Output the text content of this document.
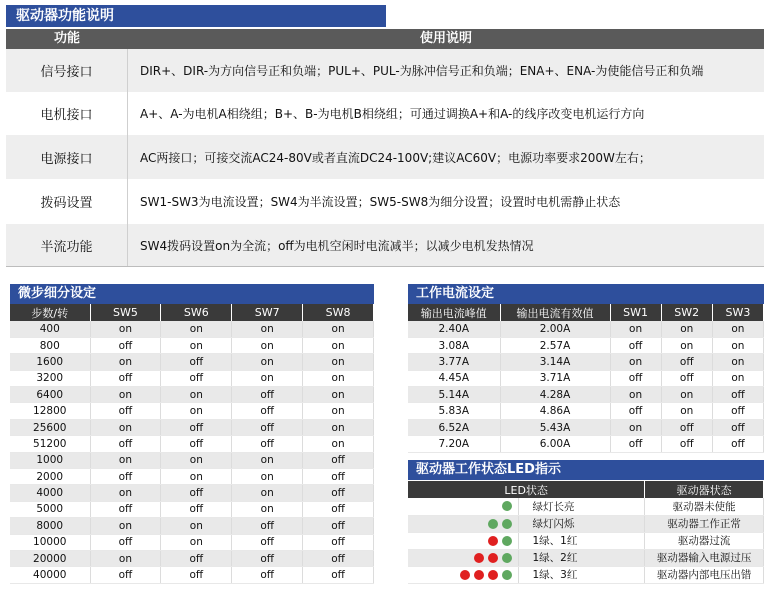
驱动器功能说明
功能	使用说明
信号接口	DIR+、DIR-为方向信号正和负端；PUL+、PUL-为脉冲信号正和负端；ENA+、ENA-为使能信号正和负端
电机接口	A+、A-为电机A相绕组；B+、B-为电机B相绕组；可通过调换A+和A-的线序改变电机运行方向
电源接口	AC两接口；可接交流AC24-80V或者直流DC24-100V;建议AC60V；电源功率要求200W左右；
拨码设置	SW1-SW3为电流设置；SW4为半流设置；SW5-SW8为细分设置；设置时电机需静止状态
半流功能	SW4拨码设置on为全流；off为电机空闲时电流减半；以减少电机发热情况
微步细分设定
步数/转	SW5	SW6	SW7	SW8
400	on	on	on	on
800	off	on	on	on
1600	on	off	on	on
3200	off	off	on	on
6400	on	on	off	on
12800	off	on	off	on
25600	on	off	off	on
51200	off	off	off	on
1000	on	on	on	off
2000	off	on	on	off
4000	on	off	on	off
5000	off	off	on	off
8000	on	on	off	off
10000	off	on	off	off
20000	on	off	off	off
40000	off	off	off	off
工作电流设定
输出电流峰值	输出电流有效值	SW1	SW2	SW3
2.40A	2.00A	on	on	on
3.08A	2.57A	off	on	on
3.77A	3.14A	on	off	on
4.45A	3.71A	off	off	on
5.14A	4.28A	on	on	off
5.83A	4.86A	off	on	off
6.52A	5.43A	on	off	off
7.20A	6.00A	off	off	off
驱动器工作状态LED指示
LED状态		驱动器状态

	绿灯长亮	驱动器未使能

	绿灯闪烁	驱动器工作正常

	1绿、1红	驱动器过流

	1绿、2红	驱动器输入电源过压

	1绿、3红	驱动器内部电压出错
